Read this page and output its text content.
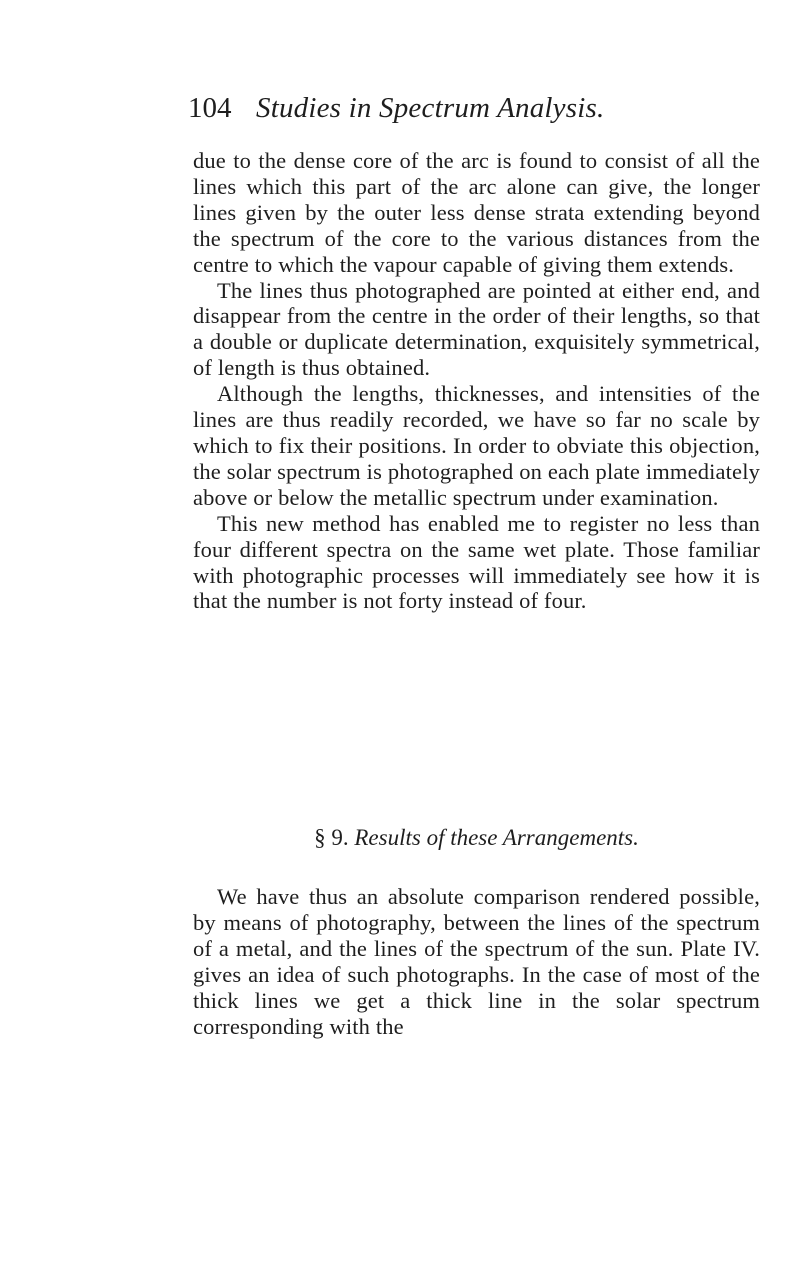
104 Studies in Spectrum Analysis.

due to the dense core of the arc is found to consist of all the lines which this part of the arc alone can give, the longer lines given by the outer less dense strata extending beyond the spectrum of the core to the various distances from the centre to which the vapour capable of giving them extends.

The lines thus photographed are pointed at either end, and disappear from the centre in the order of their lengths, so that a double or duplicate determination, exquisitely symmetrical, of length is thus obtained.

Although the lengths, thicknesses, and intensities of the lines are thus readily recorded, we have so far no scale by which to fix their positions. In order to obviate this objection, the solar spectrum is photographed on each plate immediately above or below the metallic spectrum under examination.

This new method has enabled me to register no less than four different spectra on the same wet plate. Those familiar with photographic processes will immediately see how it is that the number is not forty instead of four.

§ 9. Results of these Arrangements.

We have thus an absolute comparison rendered possible, by means of photography, between the lines of the spectrum of a metal, and the lines of the spectrum of the sun. Plate IV. gives an idea of such photographs. In the case of most of the thick lines we get a thick line in the solar spectrum corresponding with the
